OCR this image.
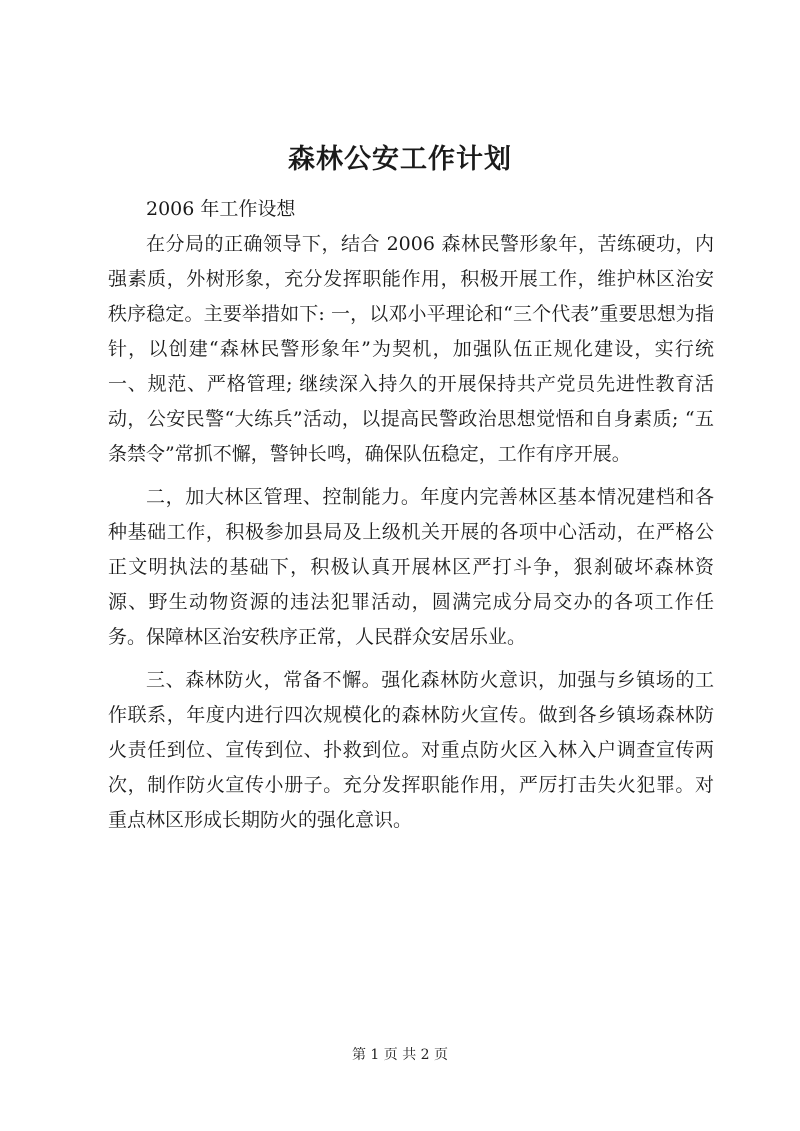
森林公安工作计划

2006 年工作设想

在分局的正确领导下，结合 2006 森林民警形象年，苦练硬功，内强素质，外树形象，充分发挥职能作用，积极开展工作，维护林区治安秩序稳定。主要举措如下: 一，以邓小平理论和“三个代表”重要思想为指针，以创建“森林民警形象年”为契机，加强队伍正规化建设，实行统一、规范、严格管理; 继续深入持久的开展保持共产党员先进性教育活动，公安民警“大练兵”活动，以提高民警政治思想觉悟和自身素质; “五条禁令”常抓不懈，警钟长鸣，确保队伍稳定，工作有序开展。

二，加大林区管理、控制能力。年度内完善林区基本情况建档和各种基础工作，积极参加县局及上级机关开展的各项中心活动，在严格公正文明执法的基础下，积极认真开展林区严打斗争，狠刹破坏森林资源、野生动物资源的违法犯罪活动，圆满完成分局交办的各项工作任务。保障林区治安秩序正常，人民群众安居乐业。

三、森林防火，常备不懈。强化森林防火意识，加强与乡镇场的工作联系，年度内进行四次规模化的森林防火宣传。做到各乡镇场森林防火责任到位、宣传到位、扑救到位。对重点防火区入林入户调查宣传两次，制作防火宣传小册子。充分发挥职能作用，严厉打击失火犯罪。对重点林区形成长期防火的强化意识。

第 1 页 共 2 页
